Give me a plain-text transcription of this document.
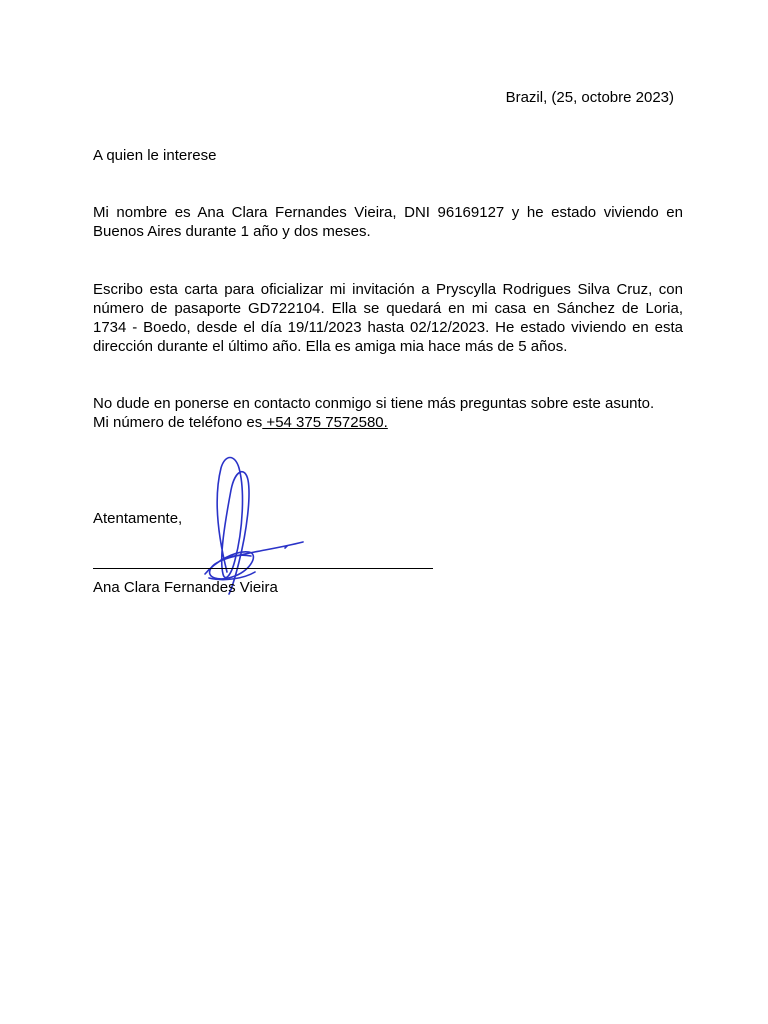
Brazil, (25, octobre 2023)
A quien le interese

Mi nombre es Ana Clara Fernandes Vieira, DNI 96169127 y he estado viviendo en Buenos Aires durante 1 año y dos meses.

Escribo esta carta para oficializar mi invitación a Pryscylla Rodrigues Silva Cruz, con número de pasaporte GD722104. Ella se quedará en mi casa en Sánchez de Loria, 1734 - Boedo, desde el día 19/11/2023 hasta 02/12/2023. He estado viviendo en esta dirección durante el último año. Ella es amiga mia hace más de 5 años.

No dude en ponerse en contacto conmigo si tiene más preguntas sobre este asunto.
Mi número de teléfono es +54 375 7572580.

Atentamente,
Ana Clara Fernandes Vieira
